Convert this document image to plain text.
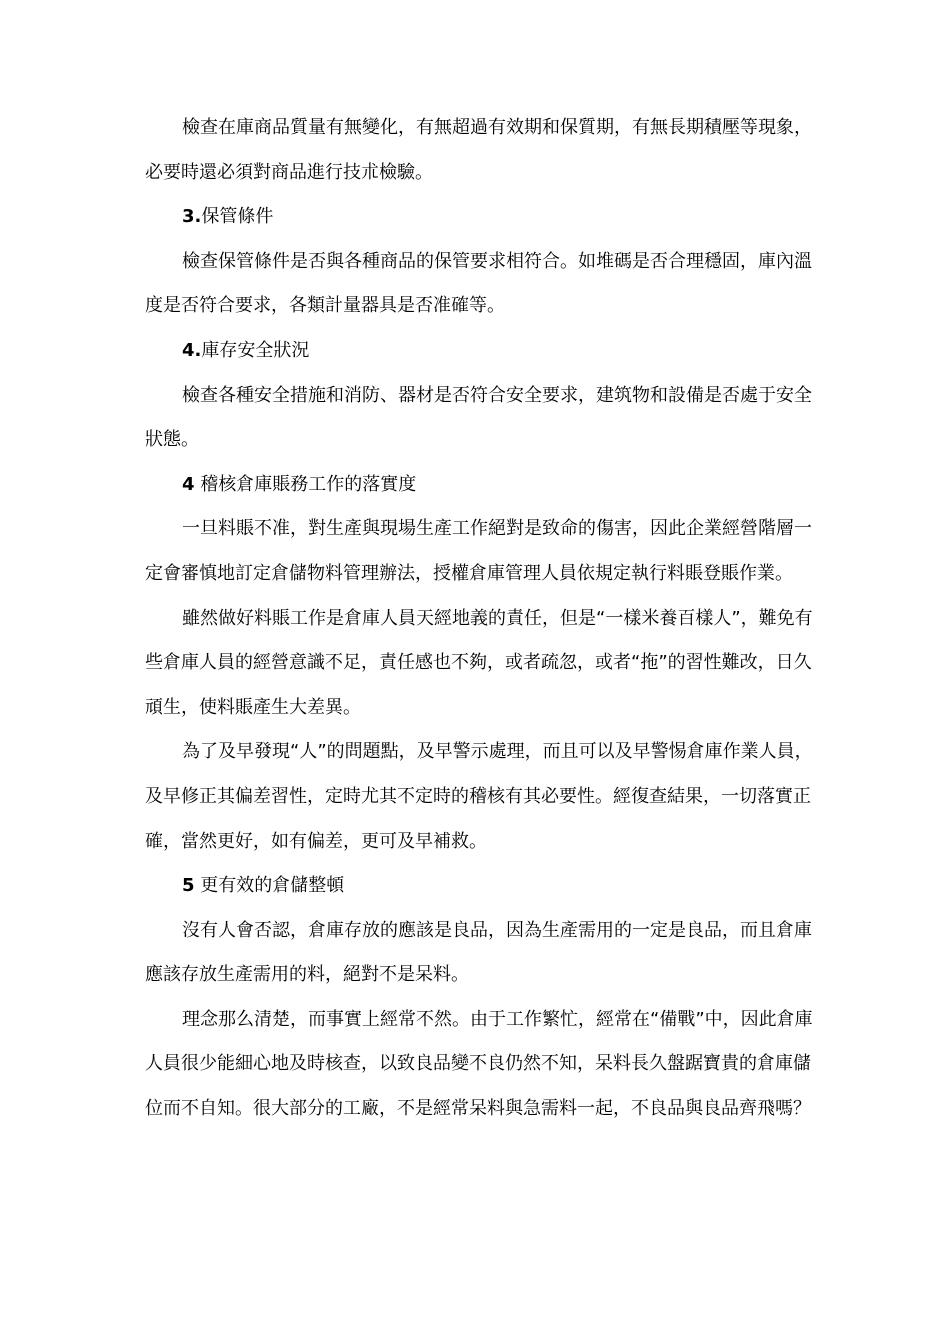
檢查在庫商品質量有無變化，有無超過有效期和保質期，有無長期積壓等現象，必要時還必須對商品進行技朮檢驗。

3.保管條件

檢查保管條件是否與各種商品的保管要求相符合。如堆碼是否合理穩固，庫內溫度是否符合要求，各類計量器具是否准確等。

4.庫存安全狀況

檢查各種安全措施和消防、器材是否符合安全要求，建筑物和設備是否處于安全狀態。

4 稽核倉庫賬務工作的落實度

一旦料賬不准，對生產與現場生產工作絕對是致命的傷害，因此企業經營階層一定會審慎地訂定倉儲物料管理辦法，授權倉庫管理人員依規定執行料賬登賬作業。

雖然做好料賬工作是倉庫人員天經地義的責任，但是“一樣米養百樣人”，難免有些倉庫人員的經營意識不足，責任感也不夠，或者疏忽，或者“拖”的習性難改，日久頑生，使料賬產生大差異。

為了及早發現“人”的問題點，及早警示處理，而且可以及早警惕倉庫作業人員，及早修正其偏差習性，定時尤其不定時的稽核有其必要性。經復查結果，一切落實正確，當然更好，如有偏差，更可及早補救。

5 更有效的倉儲整頓

沒有人會否認，倉庫存放的應該是良品，因為生產需用的一定是良品，而且倉庫應該存放生產需用的料，絕對不是呆料。

理念那么清楚，而事實上經常不然。由于工作繁忙，經常在“備戰”中，因此倉庫人員很少能細心地及時核查，以致良品變不良仍然不知，呆料長久盤踞寶貴的倉庫儲位而不自知。很大部分的工廠，不是經常呆料與急需料一起，不良品與良品齊飛嗎？
